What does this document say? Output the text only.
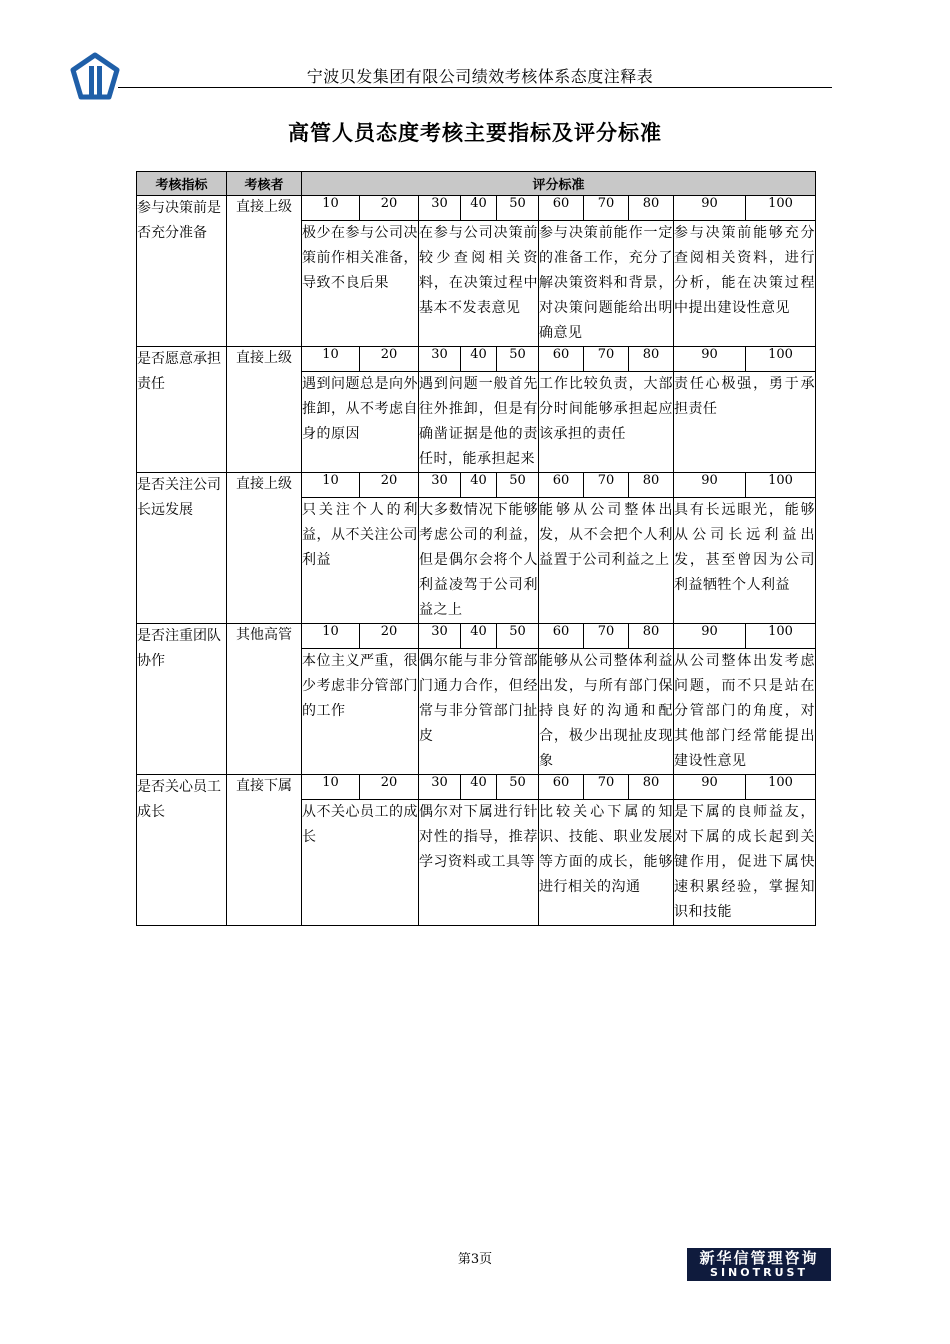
宁波贝发集团有限公司绩效考核体系态度注释表
高管人员态度考核主要指标及评分标准
考核指标	考核者	评分标准									
参与决策前是否充分准备	直接上级	10	20	30	40	50	60	70	80	90	100
		极少在参与公司决策前作相关准备，导致不良后果		在参与公司决策前较少查阅相关资料，在决策过程中基本不发表意见			参与决策前能作一定的准备工作，充分了解决策资料和背景，对决策问题能给出明确意见			参与决策前能够充分查阅相关资料，进行分析，能在决策过程中提出建设性意见	
是否愿意承担责任	直接上级	10	20	30	40	50	60	70	80	90	100
		遇到问题总是向外推卸，从不考虑自身的原因		遇到问题一般首先往外推卸，但是有确凿证据是他的责任时，能承担起来			工作比较负责，大部分时间能够承担起应该承担的责任			责任心极强，勇于承担责任	
是否关注公司长远发展	直接上级	10	20	30	40	50	60	70	80	90	100
		只关注个人的利益，从不关注公司利益		大多数情况下能够考虑公司的利益，但是偶尔会将个人利益凌驾于公司利益之上			能够从公司整体出发，从不会把个人利益置于公司利益之上			具有长远眼光，能够从公司长远利益出发，甚至曾因为公司利益牺牲个人利益	
是否注重团队协作	其他高管	10	20	30	40	50	60	70	80	90	100
		本位主义严重，很少考虑非分管部门的工作		偶尔能与非分管部门通力合作，但经常与非分管部门扯皮			能够从公司整体利益出发，与所有部门保持良好的沟通和配合，极少出现扯皮现象			从公司整体出发考虑问题，而不只是站在分管部门的角度，对其他部门经常能提出建设性意见	
是否关心员工成长	直接下属	10	20	30	40	50	60	70	80	90	100
		从不关心员工的成长		偶尔对下属进行针对性的指导，推荐学习资料或工具等			比较关心下属的知识、技能、职业发展等方面的成长，能够进行相关的沟通			是下属的良师益友，对下属的成长起到关键作用，促进下属快速积累经验，掌握知识和技能	
第3页	新华信管理咨询
SINOTRUST
